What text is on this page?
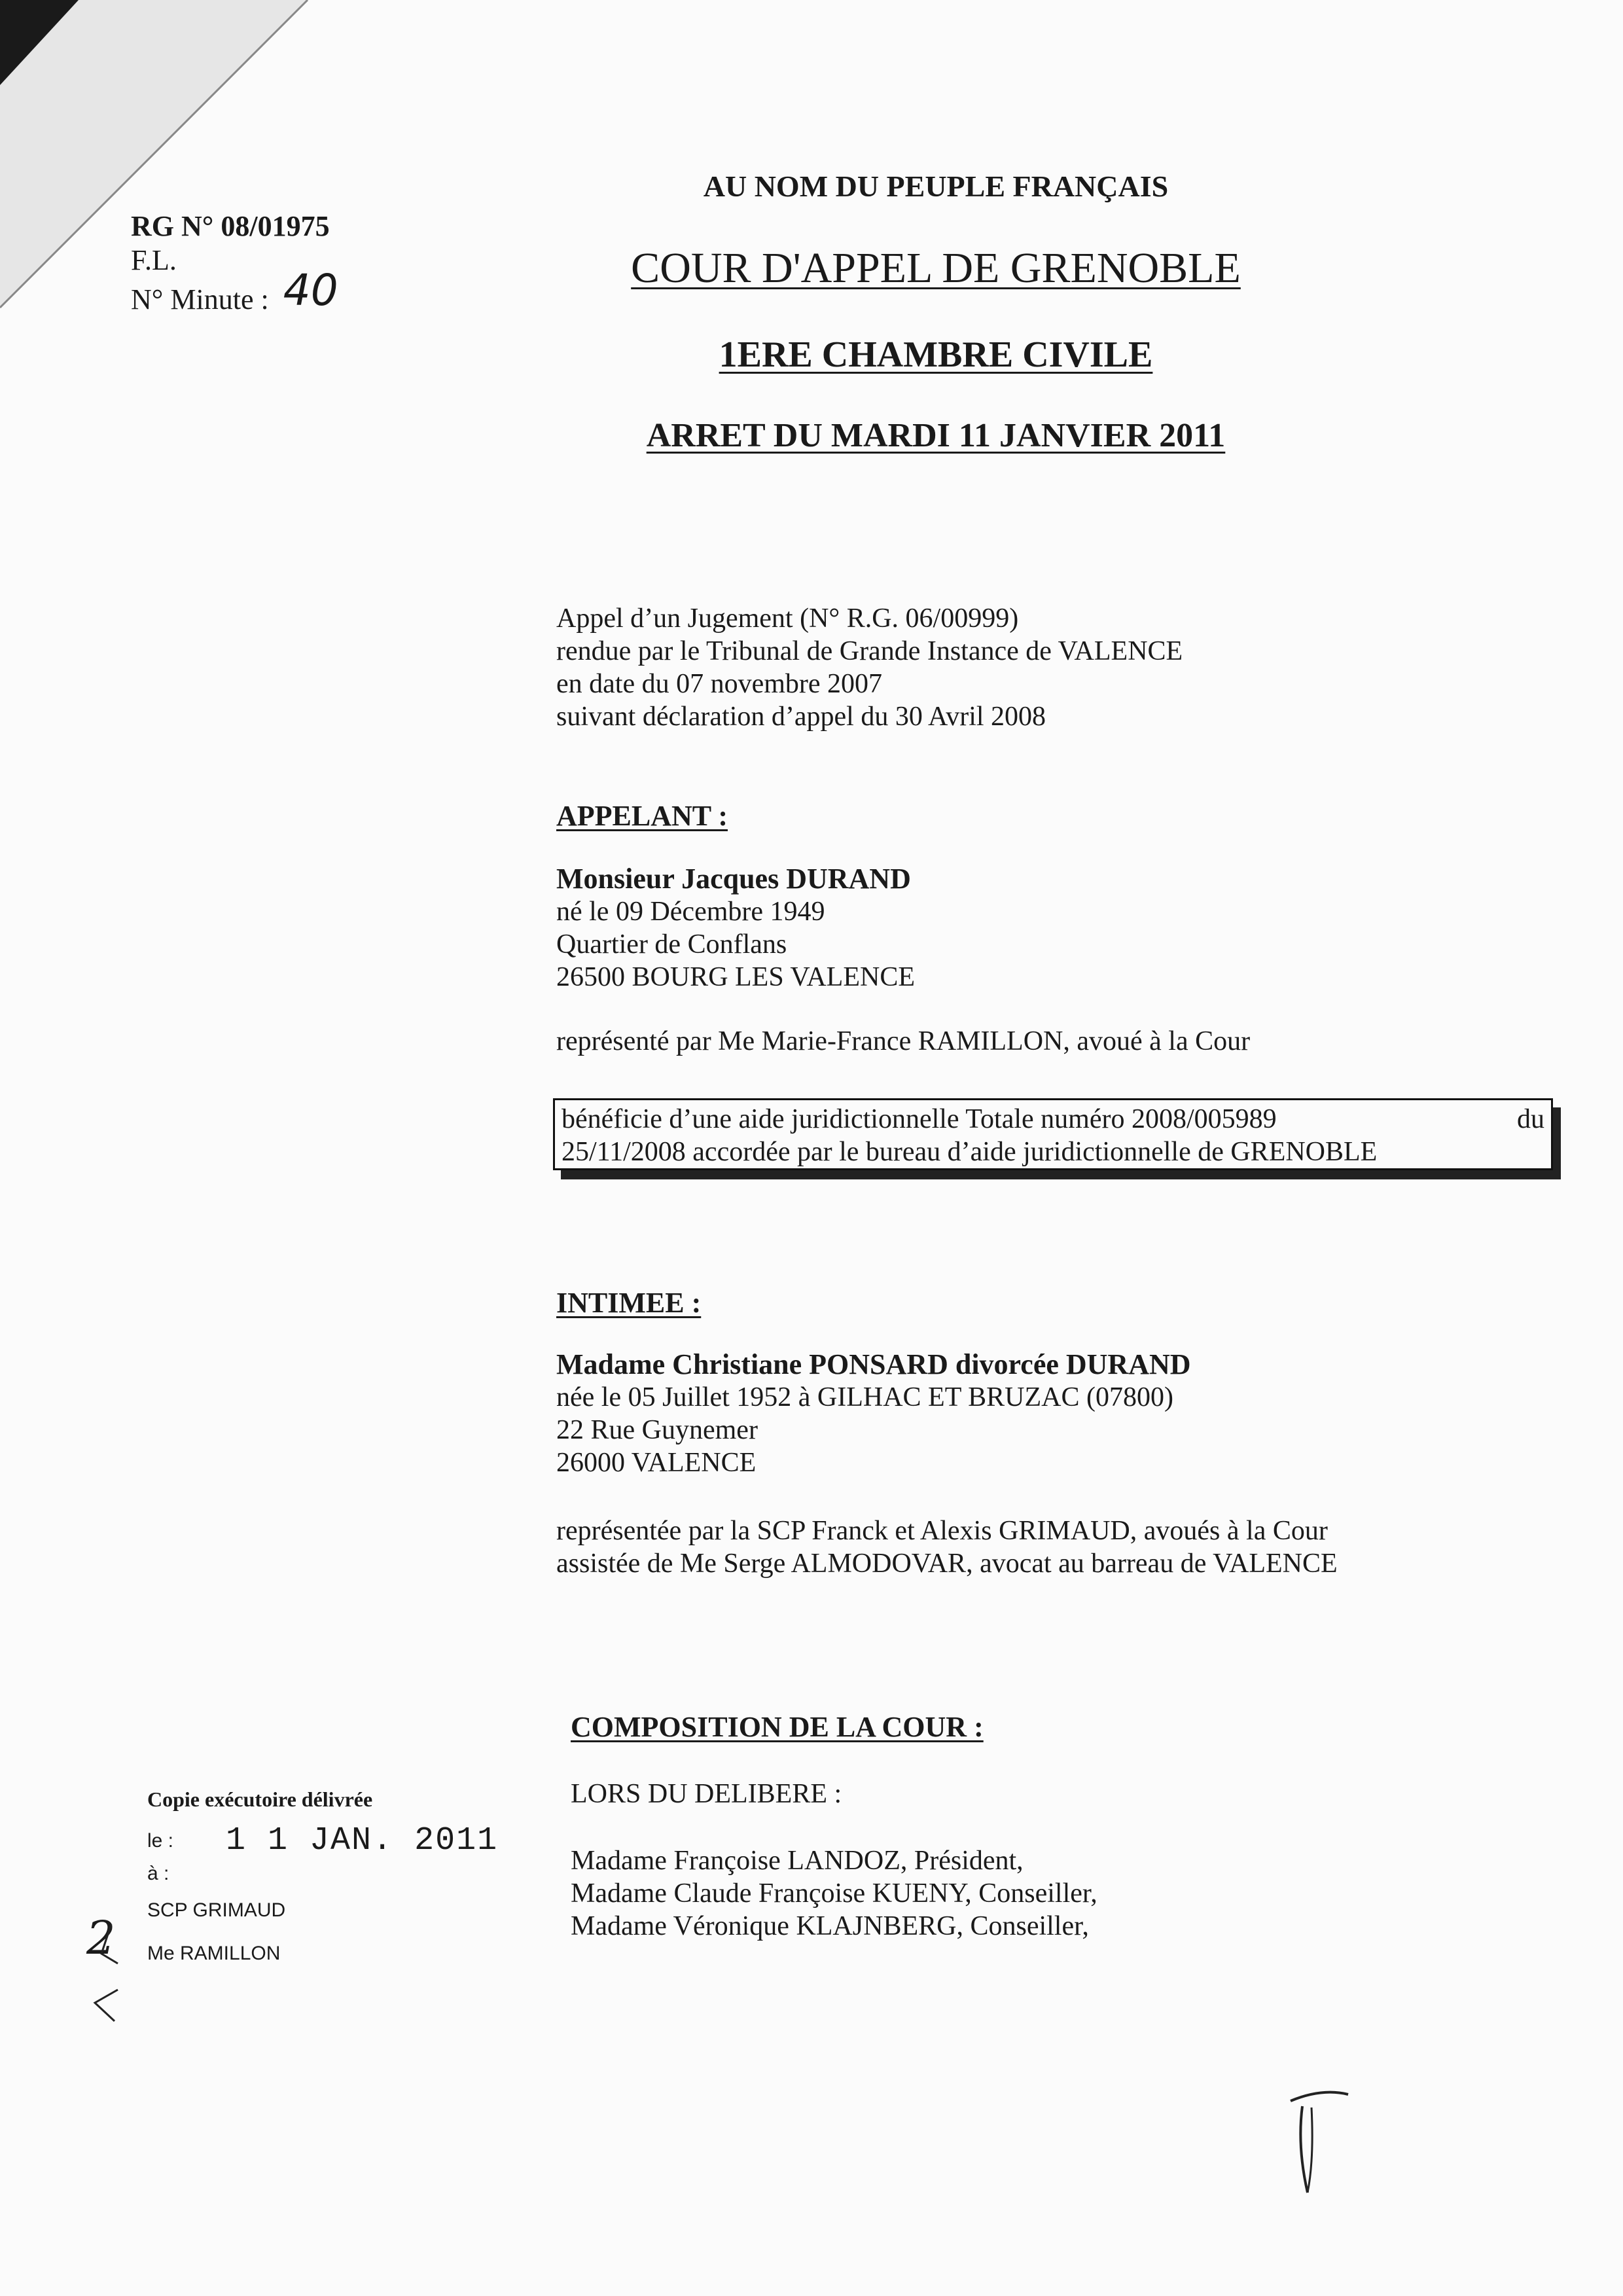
RG N° 08/01975
F.L.
N° Minute : 40
AU NOM DU PEUPLE FRANÇAIS
COUR D'APPEL DE GRENOBLE
1ERE CHAMBRE CIVILE
ARRET DU MARDI 11 JANVIER 2011
Appel d’un Jugement (N° R.G. 06/00999)
rendue par le Tribunal de Grande Instance de VALENCE
en date du 07 novembre 2007
suivant déclaration d’appel du 30 Avril 2008
APPELANT :
Monsieur Jacques DURAND
né le 09 Décembre 1949
Quartier de Conflans
26500 BOURG LES VALENCE
représenté par Me Marie-France RAMILLON, avoué à la Cour
bénéficie d’une aide juridictionnelle Totale numéro 2008/005989	du
25/11/2008 accordée par le bureau d’aide juridictionnelle de GRENOBLE
INTIMEE :
Madame Christiane PONSARD divorcée DURAND
née le 05 Juillet 1952 à GILHAC ET BRUZAC (07800)
22 Rue Guynemer
26000 VALENCE
représentée par la SCP Franck et Alexis GRIMAUD, avoués à la Cour
assistée de Me Serge ALMODOVAR, avocat au barreau de VALENCE
COMPOSITION DE LA COUR :
LORS DU DELIBERE :
Madame Françoise LANDOZ, Président,
Madame Claude Françoise KUENY, Conseiller,
Madame Véronique KLAJNBERG, Conseiller,
Copie exécutoire délivrée
le : 1 1 JAN. 2011
à :
SCP GRIMAUD
Me RAMILLON
2
